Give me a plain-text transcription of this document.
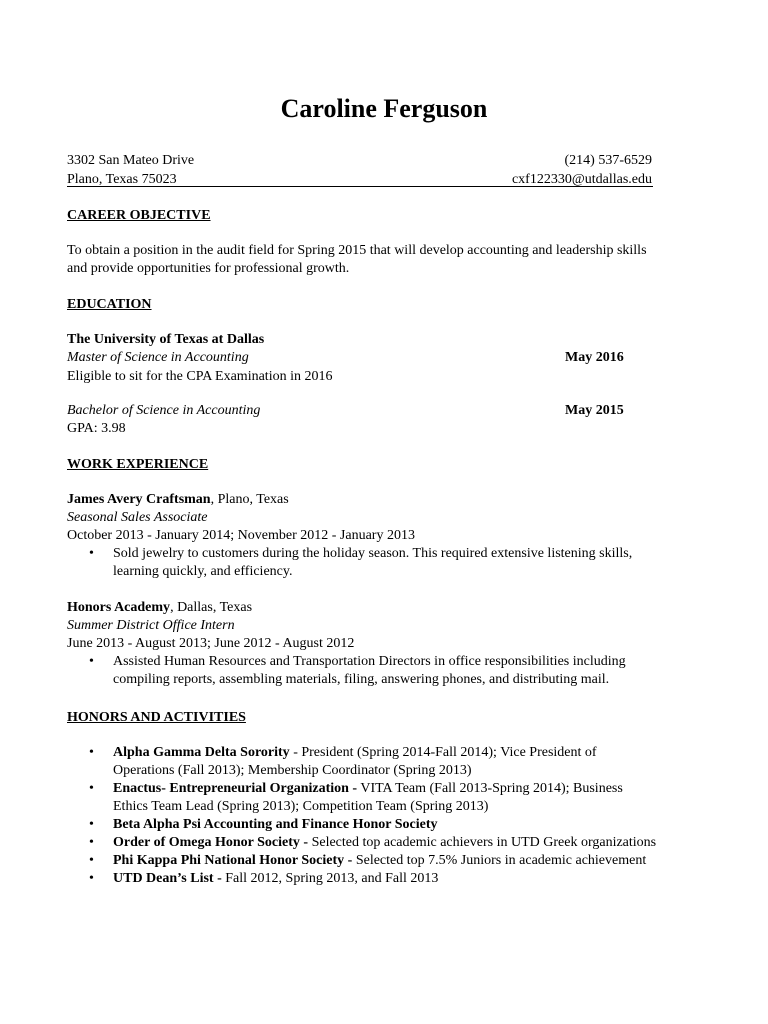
Caroline Ferguson
3302 San Mateo Drive
Plano, Texas 75023
(214) 537-6529
cxf122330@utdallas.edu
CAREER OBJECTIVE
To obtain a position in the audit field for Spring 2015 that will develop accounting and leadership skills
and provide opportunities for professional growth.
EDUCATION
The University of Texas at Dallas
Master of Science in Accounting	May 2016
Eligible to sit for the CPA Examination in 2016
Bachelor of Science in Accounting	May 2015
GPA: 3.98
WORK EXPERIENCE
James Avery Craftsman, Plano, Texas
Seasonal Sales Associate
October 2013 - January 2014; November 2012 - January 2013
• Sold jewelry to customers during the holiday season. This required extensive listening skills,
learning quickly, and efficiency.
Honors Academy, Dallas, Texas
Summer District Office Intern
June 2013 - August 2013; June 2012 - August 2012
• Assisted Human Resources and Transportation Directors in office responsibilities including
compiling reports, assembling materials, filing, answering phones, and distributing mail.
HONORS AND ACTIVITIES
• Alpha Gamma Delta Sorority - President (Spring 2014-Fall 2014); Vice President of
Operations (Fall 2013); Membership Coordinator (Spring 2013)
• Enactus- Entrepreneurial Organization - VITA Team (Fall 2013-Spring 2014); Business
Ethics Team Lead (Spring 2013); Competition Team (Spring 2013)
• Beta Alpha Psi Accounting and Finance Honor Society
• Order of Omega Honor Society - Selected top academic achievers in UTD Greek organizations
• Phi Kappa Phi National Honor Society - Selected top 7.5% Juniors in academic achievement
• UTD Dean’s List - Fall 2012, Spring 2013, and Fall 2013
